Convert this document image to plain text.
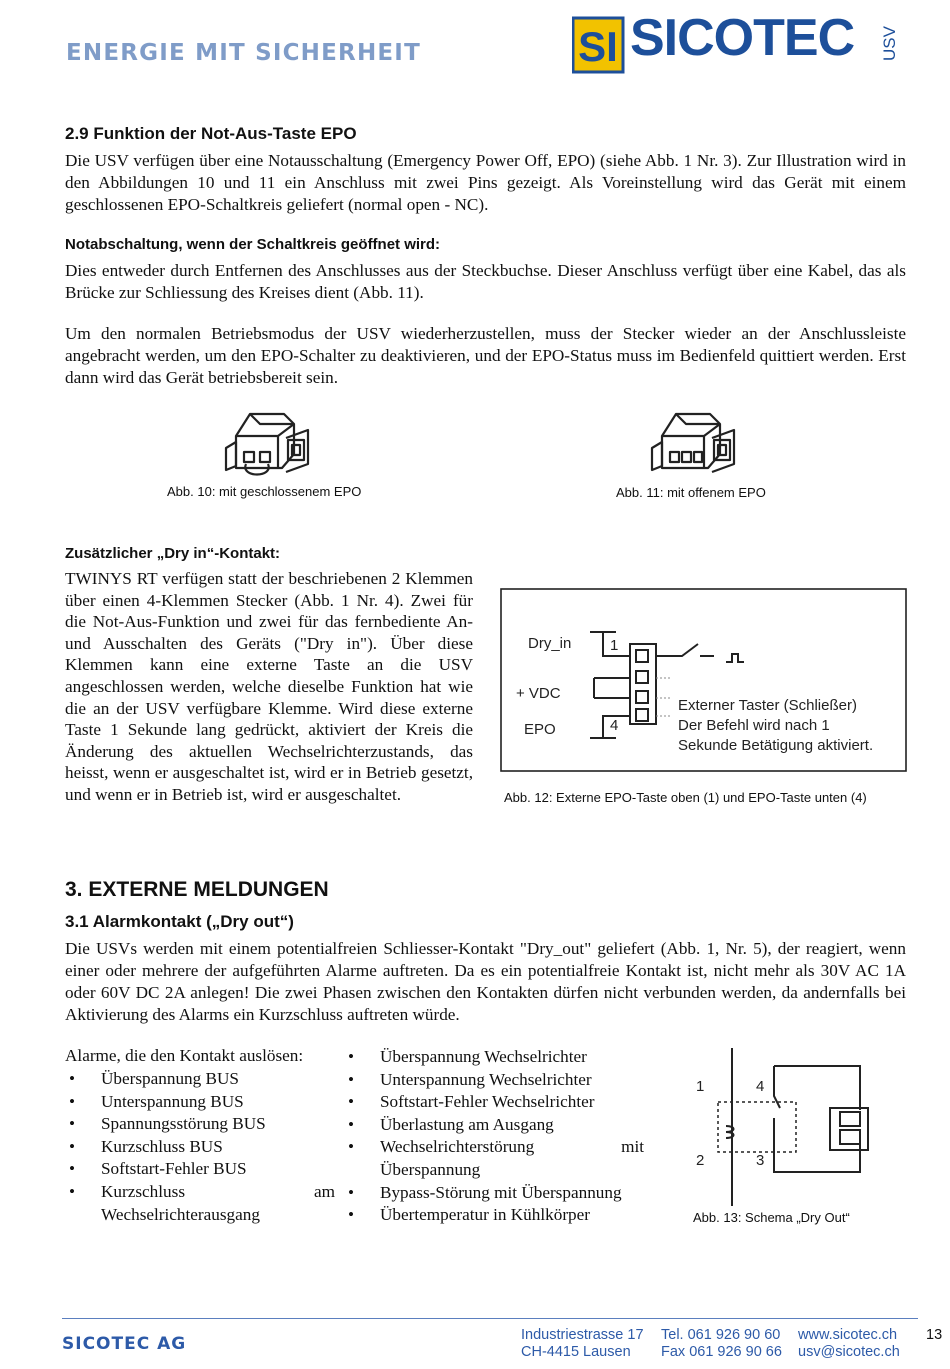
ENERGIE MIT SICHERHEIT	SI SICOTEC USV
2.9 Funktion der Not-Aus-Taste EPO

Die USV verfügen über eine Notausschaltung (Emergency Power Off, EPO) (siehe Abb. 1 Nr. 3). Zur Illustration wird in den Abbildungen 10 und 11 ein Anschluss mit zwei Pins gezeigt. Als Voreinstellung wird das Gerät mit einem geschlossenen EPO-Schaltkreis geliefert (normal open - NC).

Notabschaltung, wenn der Schaltkreis geöffnet wird:

Dies entweder durch Entfernen des Anschlusses aus der Steckbuchse. Dieser Anschluss verfügt über eine Kabel, das als Brücke zur Schliessung des Kreises dient (Abb. 11).

Um den normalen Betriebsmodus der USV wiederherzustellen, muss der Stecker wieder an der Anschlussleiste angebracht werden, um den EPO-Schalter zu deaktivieren, und der EPO-Status muss im Bedienfeld quittiert werden. Erst dann wird das Gerät betriebsbereit sein.

Abb. 10: mit geschlossenem EPO	Abb. 11: mit offenem EPO
Zusätzlicher „Dry in“-Kontakt:

TWINYS RT verfügen statt der beschriebenen 2 Klemmen über einen 4-Klemmen Stecker (Abb. 1 Nr. 4). Zwei für die Not-Aus-Funktion und zwei für das fernbediente An- und Ausschalten des Geräts ("Dry in"). Über diese Klemmen kann eine externe Taste an die USV angeschlossen werden, welche dieselbe Funktion hat wie die an der USV verfügbare Klemme. Wird diese externe Taste 1 Sekunde lang gedrückt, aktiviert der Kreis die Änderung des aktuellen Wechselrichterzustands, das heisst, wenn er ausgeschaltet ist, wird er in Betrieb gesetzt, und wenn er in Betrieb ist, wird er ausgeschaltet.

Dry_in
+ VDC
EPO
1
4
Externer Taster (Schließer)
Der Befehl wird nach 1
Sekunde Betätigung aktiviert.
Abb. 12: Externe EPO-Taste oben (1) und EPO-Taste unten (4)
3. EXTERNE MELDUNGEN
3.1 Alarmkontakt („Dry out“)

Die USVs werden mit einem potentialfreien Schliesser-Kontakt "Dry_out" geliefert (Abb. 1, Nr. 5), der reagiert, wenn einer oder mehrere der aufgeführten Alarme auftreten. Da es ein potentialfreie Kontakt ist, nicht mehr als 30V AC 1A oder 60V DC 2A anlegen! Die zwei Phasen zwischen den Kontakten dürfen nicht verbunden werden, da andernfalls bei Aktivierung des Alarms ein Kurzschluss auftreten würde.

Alarme, die den Kontakt auslösen:
• Überspannung BUS
• Unterspannung BUS
• Spannungsstörung BUS
• Kurzschluss BUS
• Softstart-Fehler BUS
• Kurzschluss am Wechselrichterausgang
• Überspannung Wechselrichter
• Unterspannung Wechselrichter
• Softstart-Fehler Wechselrichter
• Überlastung am Ausgang
• Wechselrichterstörung mit Überspannung
• Bypass-Störung mit Überspannung
• Übertemperatur in Kühlkörper
1	4
2	3
Abb. 13: Schema „Dry Out“
SICOTEC AG	Industriestrasse 17
CH-4415 Lausen
Tel. 061 926 90 60
Fax 061 926 90 66
www.sicotec.ch
usv@sicotec.ch
13
